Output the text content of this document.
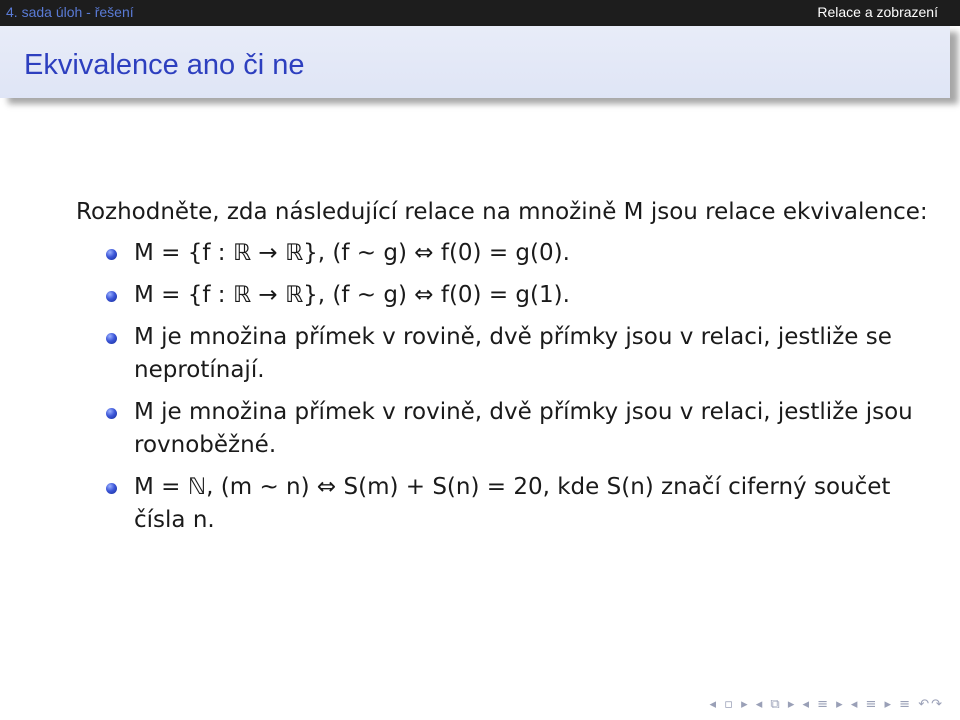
4. sada úloh - řešení	Relace a zobrazení
Ekvivalence ano či ne

Rozhodněte, zda následující relace na množině M jsou relace ekvivalence:

M = {f : ℝ → ℝ}, (f ∼ g) ⇔ f(0) = g(0).
M = {f : ℝ → ℝ}, (f ∼ g) ⇔ f(0) = g(1).
M je množina přímek v rovině, dvě přímky jsou v relaci, jestliže se neprotínají.
M je množina přímek v rovině, dvě přímky jsou v relaci, jestliže jsou rovnoběžné.
M = ℕ, (m ∼ n) ⇔ S(m) + S(n) = 20, kde S(n) značí ciferný součet čísla n.
◂ ▫ ▸ ◂ ⧉ ▸ ◂ ≡ ▸ ◂ ≡ ▸ ≡ ↶↷
